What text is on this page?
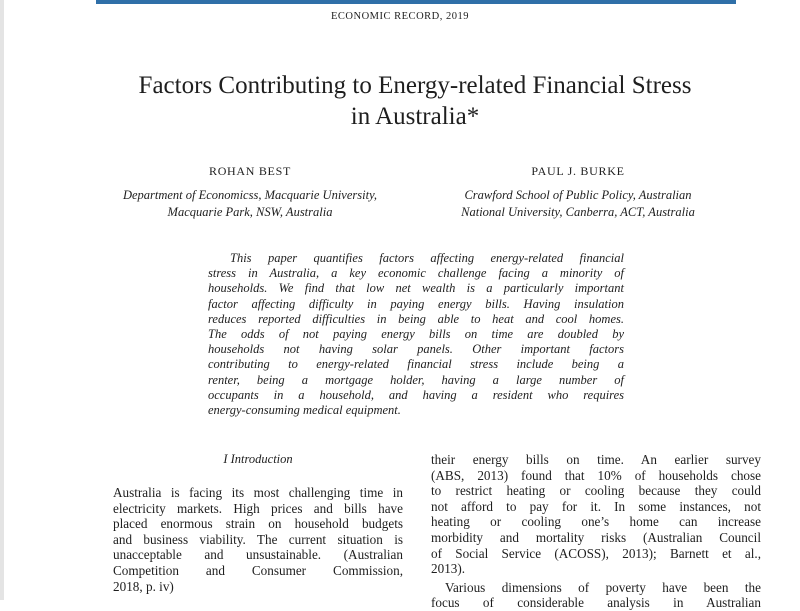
ECONOMIC RECORD, 2019
Factors Contributing to Energy-related Financial Stress
in Australia*
ROHAN BEST
Department of Economicss, Macquarie University,
Macquarie Park, NSW, Australia
PAUL J. BURKE
Crawford School of Public Policy, Australian
National University, Canberra, ACT, Australia
This paper quantifies factors affecting energy-related financial
stress in Australia, a key economic challenge facing a minority of
households. We find that low net wealth is a particularly important
factor affecting difficulty in paying energy bills. Having insulation
reduces reported difficulties in being able to heat and cool homes.
The odds of not paying energy bills on time are doubled by
households not having solar panels. Other important factors
contributing to energy-related financial stress include being a
renter, being a mortgage holder, having a large number of
occupants in a household, and having a resident who requires
energy-consuming medical equipment.
I Introduction
Australia is facing its most challenging time in
electricity markets. High prices and bills have
placed enormous strain on household budgets
and business viability. The current situation is
unacceptable and unsustainable. (Australian
Competition and Consumer Commission,
2018, p. iv)
their energy bills on time. An earlier survey
(ABS, 2013) found that 10% of households chose
to restrict heating or cooling because they could
not afford to pay for it. In some instances, not
heating or cooling one’s home can increase
morbidity and mortality risks (Australian Council
of Social Service (ACOSS), 2013); Barnett et al.,
2013).
Various dimensions of poverty have been the
focus of considerable analysis in Australian
